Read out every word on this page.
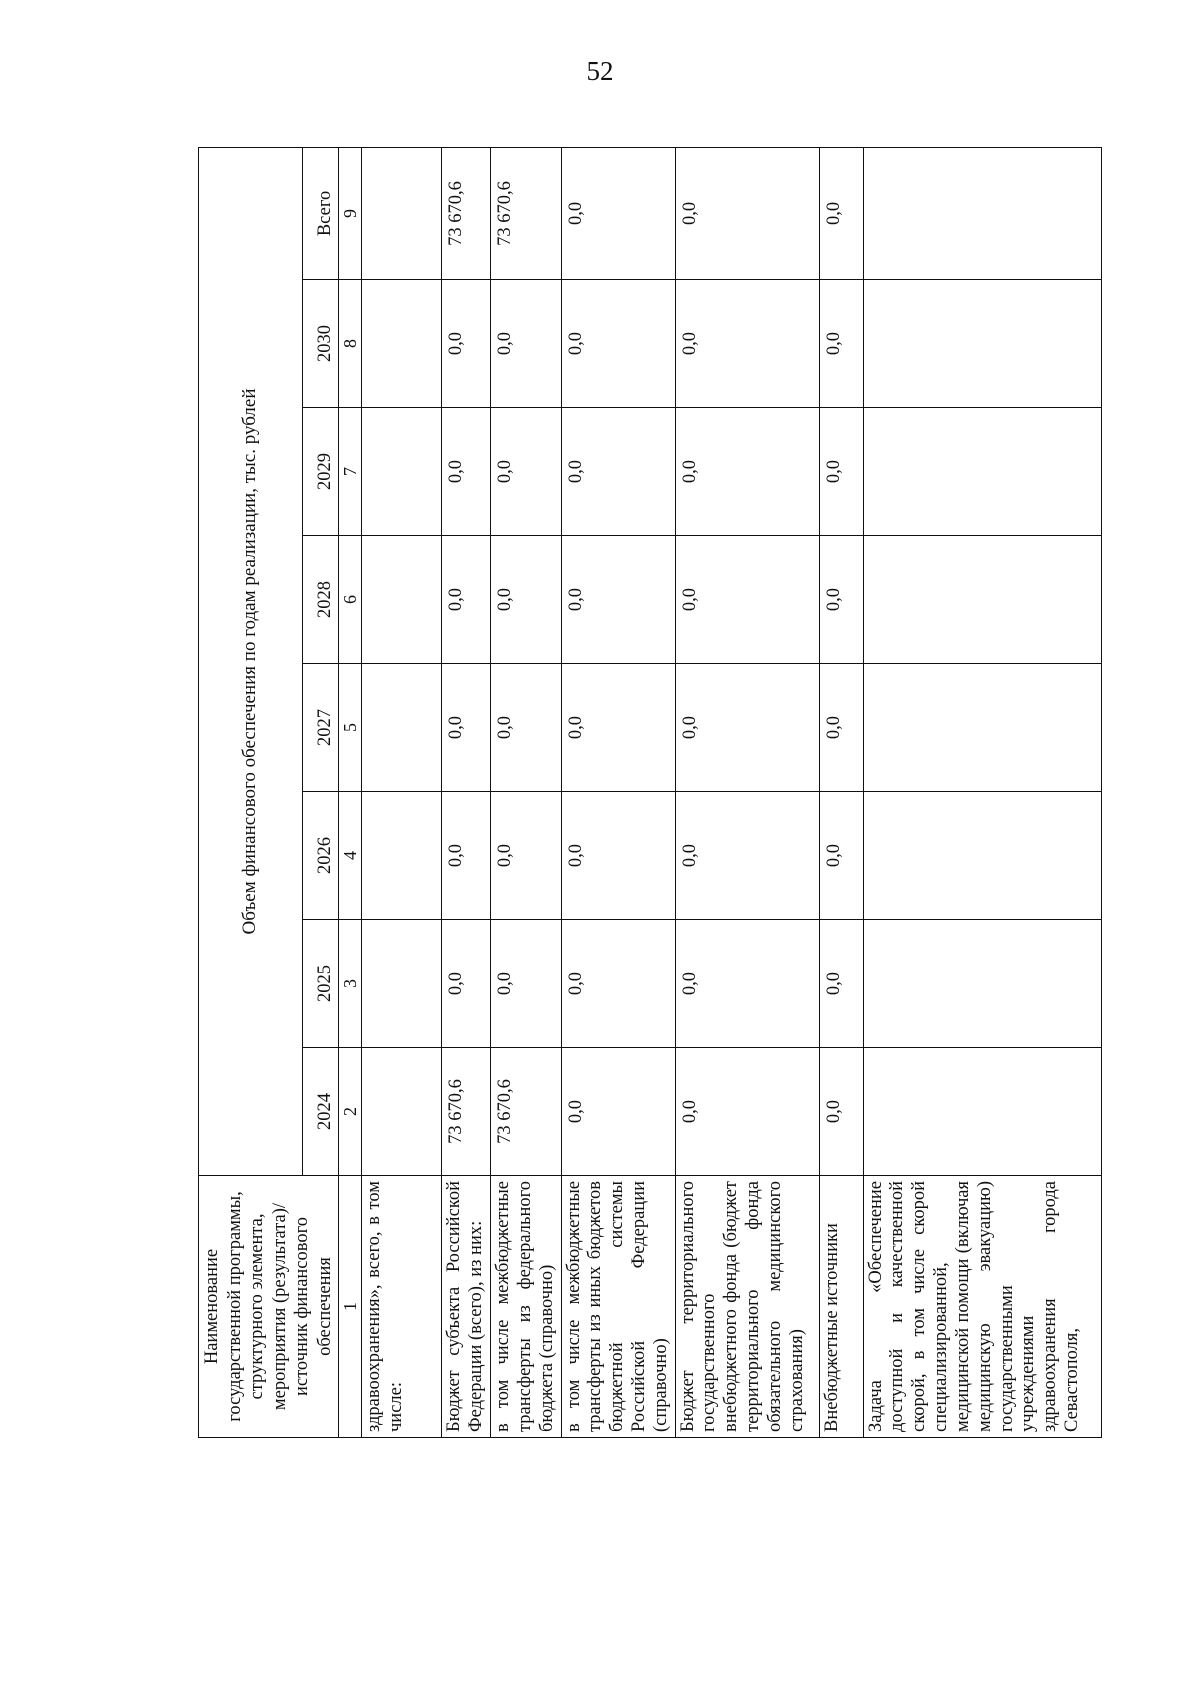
52
Наименование государственной программы, структурного элемента, мероприятия (результата)/источник финансового обеспечения	Объем финансового обеспечения по годам реализации, тыс. рублей							
	2024	2025	2026	2027	2028	2029	2030	Всего
1	2	3	4	5	6	7	8	9
здравоохранения», всего, в том числе:								
Бюджет субъекта Российской Федерации (всего), из них:	73 670,6	0,0	0,0	0,0	0,0	0,0	0,0	73 670,6
в том числе межбюджетные трансферты из федерального бюджета (справочно)	73 670,6	0,0	0,0	0,0	0,0	0,0	0,0	73 670,6
в том числе межбюджетные трансферты из иных бюджетов бюджетной системы Российской Федерации (справочно)	0,0	0,0	0,0	0,0	0,0	0,0	0,0	0,0
Бюджет территориального государственного внебюджетного фонда (бюджет территориального фонда обязательного медицинского страхования)	0,0	0,0	0,0	0,0	0,0	0,0	0,0	0,0
Внебюджетные источники	0,0	0,0	0,0	0,0	0,0	0,0	0,0	0,0
Задача «Обеспечение доступной и качественной скорой, в том числе скорой специализированной, медицинской помощи (включая медицинскую эвакуацию) государственными учреждениями здравоохранения города Севастополя,								
